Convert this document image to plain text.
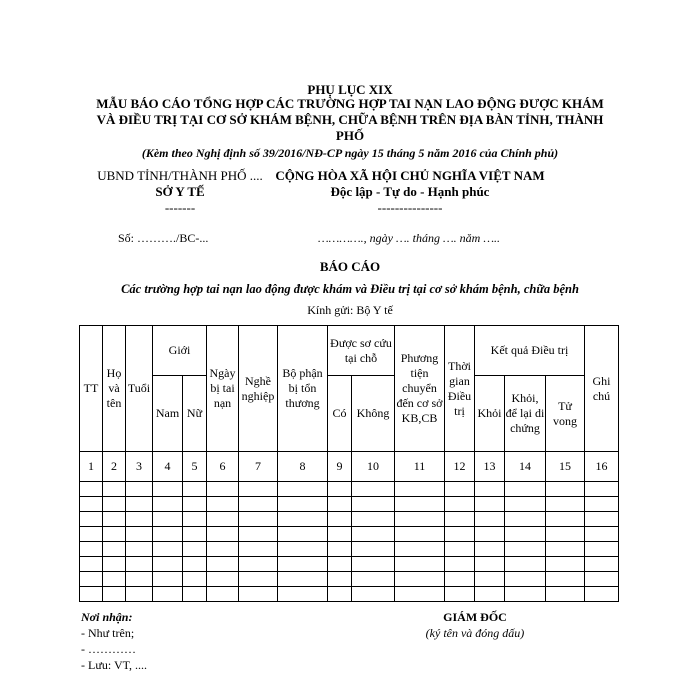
PHỤ LỤC XIX
MẪU BÁO CÁO TỔNG HỢP CÁC TRƯỜNG HỢP TAI NẠN LAO ĐỘNG ĐƯỢC KHÁM
VÀ ĐIỀU TRỊ TẠI CƠ SỞ KHÁM BỆNH, CHỮA BỆNH TRÊN ĐỊA BÀN TỈNH, THÀNH
PHỐ
(Kèm theo Nghị định số 39/2016/NĐ-CP ngày 15 tháng 5 năm 2016 của Chính phủ)
UBND TỈNH/THÀNH PHỐ ....
SỞ Y TẾ
-------
CỘNG HÒA XÃ HỘI CHỦ NGHĨA VIỆT NAM
Độc lập - Tự do - Hạnh phúc
---------------
Số: ………./BC-...	…………., ngày …. tháng …. năm …..
BÁO CÁO
Các trường hợp tai nạn lao động được khám và Điều trị tại cơ sở khám bệnh, chữa bệnh
Kính gửi: Bộ Y tế
TT	Họ và tên	Tuổi	Giới		Ngày bị tai nạn	Nghề nghiệp	Bộ phận bị tổn thương	Được sơ cứu tại chỗ		Phương tiện chuyển đến cơ sở KB,CB	Thời gian Điều trị	Kết quả Điều trị			Ghi chú
			Nam	Nữ				Có	Không			Khỏi	Khỏi, để lại di chứng	Tử vong	
1	2	3	4	5	6	7	8	9	10	11	12	13	14	15	16

Nơi nhận:
- Như trên;
- …………
- Lưu: VT, ....
GIÁM ĐỐC
(ký tên và đóng dấu)
